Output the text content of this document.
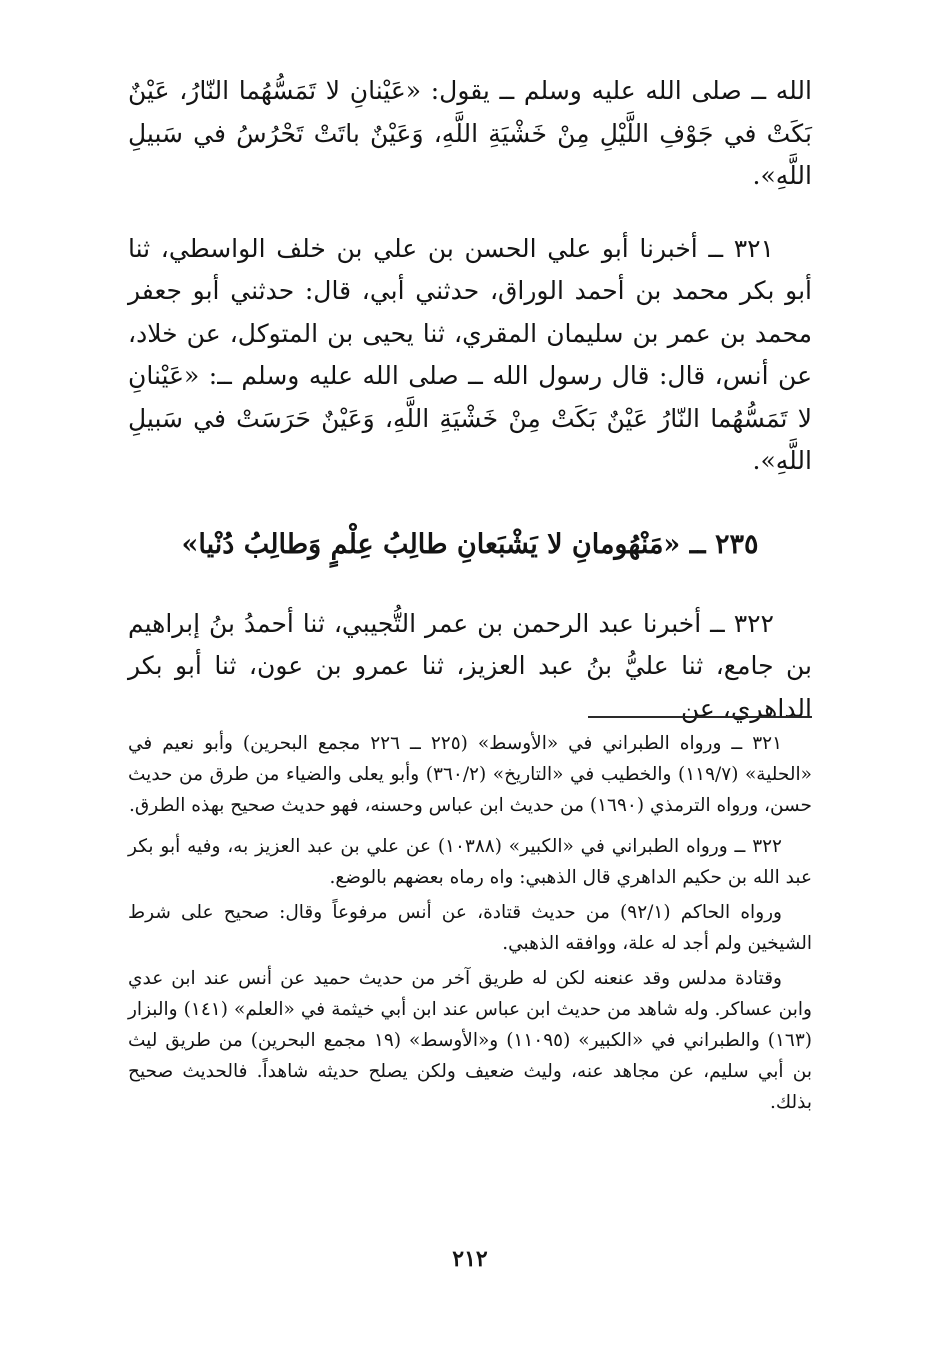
الله ــ صلى الله عليه وسلم ــ يقول: «عَيْنانِ لا تَمَسُّهُما النّارُ، عَيْنٌ بَكَتْ في جَوْفِ اللَّيْلِ مِنْ خَشْيَةِ اللَّهِ، وَعَيْنٌ باتَتْ تَحْرُسُ في سَبيلِ اللَّهِ».

٣٢١ ــ أخبرنا أبو علي الحسن بن علي بن خلف الواسطي، ثنا أبو بكر محمد بن أحمد الوراق، حدثني أبي، قال: حدثني أبو جعفر محمد بن عمر بن سليمان المقري، ثنا يحيى بن المتوكل، عن خلاد، عن أنس، قال: قال رسول الله ــ صلى الله عليه وسلم ــ: «عَيْنانِ لا تَمَسُّهُما النّارُ عَيْنٌ بَكَتْ مِنْ خَشْيَةِ اللَّهِ، وَعَيْنٌ حَرَسَتْ في سَبيلِ اللَّهِ».

٢٣٥ ــ «مَنْهُومانِ لا يَشْبَعانِ طالِبُ عِلْمٍ وَطالِبُ دُنْيا»

٣٢٢ ــ أخبرنا عبد الرحمن بن عمر التُّجيبي، ثنا أحمدُ بنُ إبراهيم بن جامع، ثنا عليُّ بنُ عبد العزيز، ثنا عمرو بن عون، ثنا أبو بكر الداهري، عن

٣٢١ ــ ورواه الطبراني في «الأوسط» (٢٢٥ ــ ٢٢٦ مجمع البحرين) وأبو نعيم في «الحلية» (١١٩/٧) والخطيب في «التاريخ» (٣٦٠/٢) وأبو يعلى والضياء من طرق من حديث حسن، ورواه الترمذي (١٦٩٠) من حديث ابن عباس وحسنه، فهو حديث صحيح بهذه الطرق.

٣٢٢ ــ ورواه الطبراني في «الكبير» (١٠٣٨٨) عن علي بن عبد العزيز به، وفيه أبو بكر عبد الله بن حكيم الداهري قال الذهبي: واه رماه بعضهم بالوضع.

ورواه الحاكم (٩٢/١) من حديث قتادة، عن أنس مرفوعاً وقال: صحيح على شرط الشيخين ولم أجد له علة، ووافقه الذهبي.

وقتادة مدلس وقد عنعنه لكن له طريق آخر من حديث حميد عن أنس عند ابن عدي وابن عساكر. وله شاهد من حديث ابن عباس عند ابن أبي خيثمة في «العلم» (١٤١) والبزار (١٦٣) والطبراني في «الكبير» (١١٠٩٥) و«الأوسط» (١٩ مجمع البحرين) من طريق ليث بن أبي سليم، عن مجاهد عنه، وليث ضعيف ولكن يصلح حديثه شاهداً. فالحديث صحيح بذلك.

٢١٢
